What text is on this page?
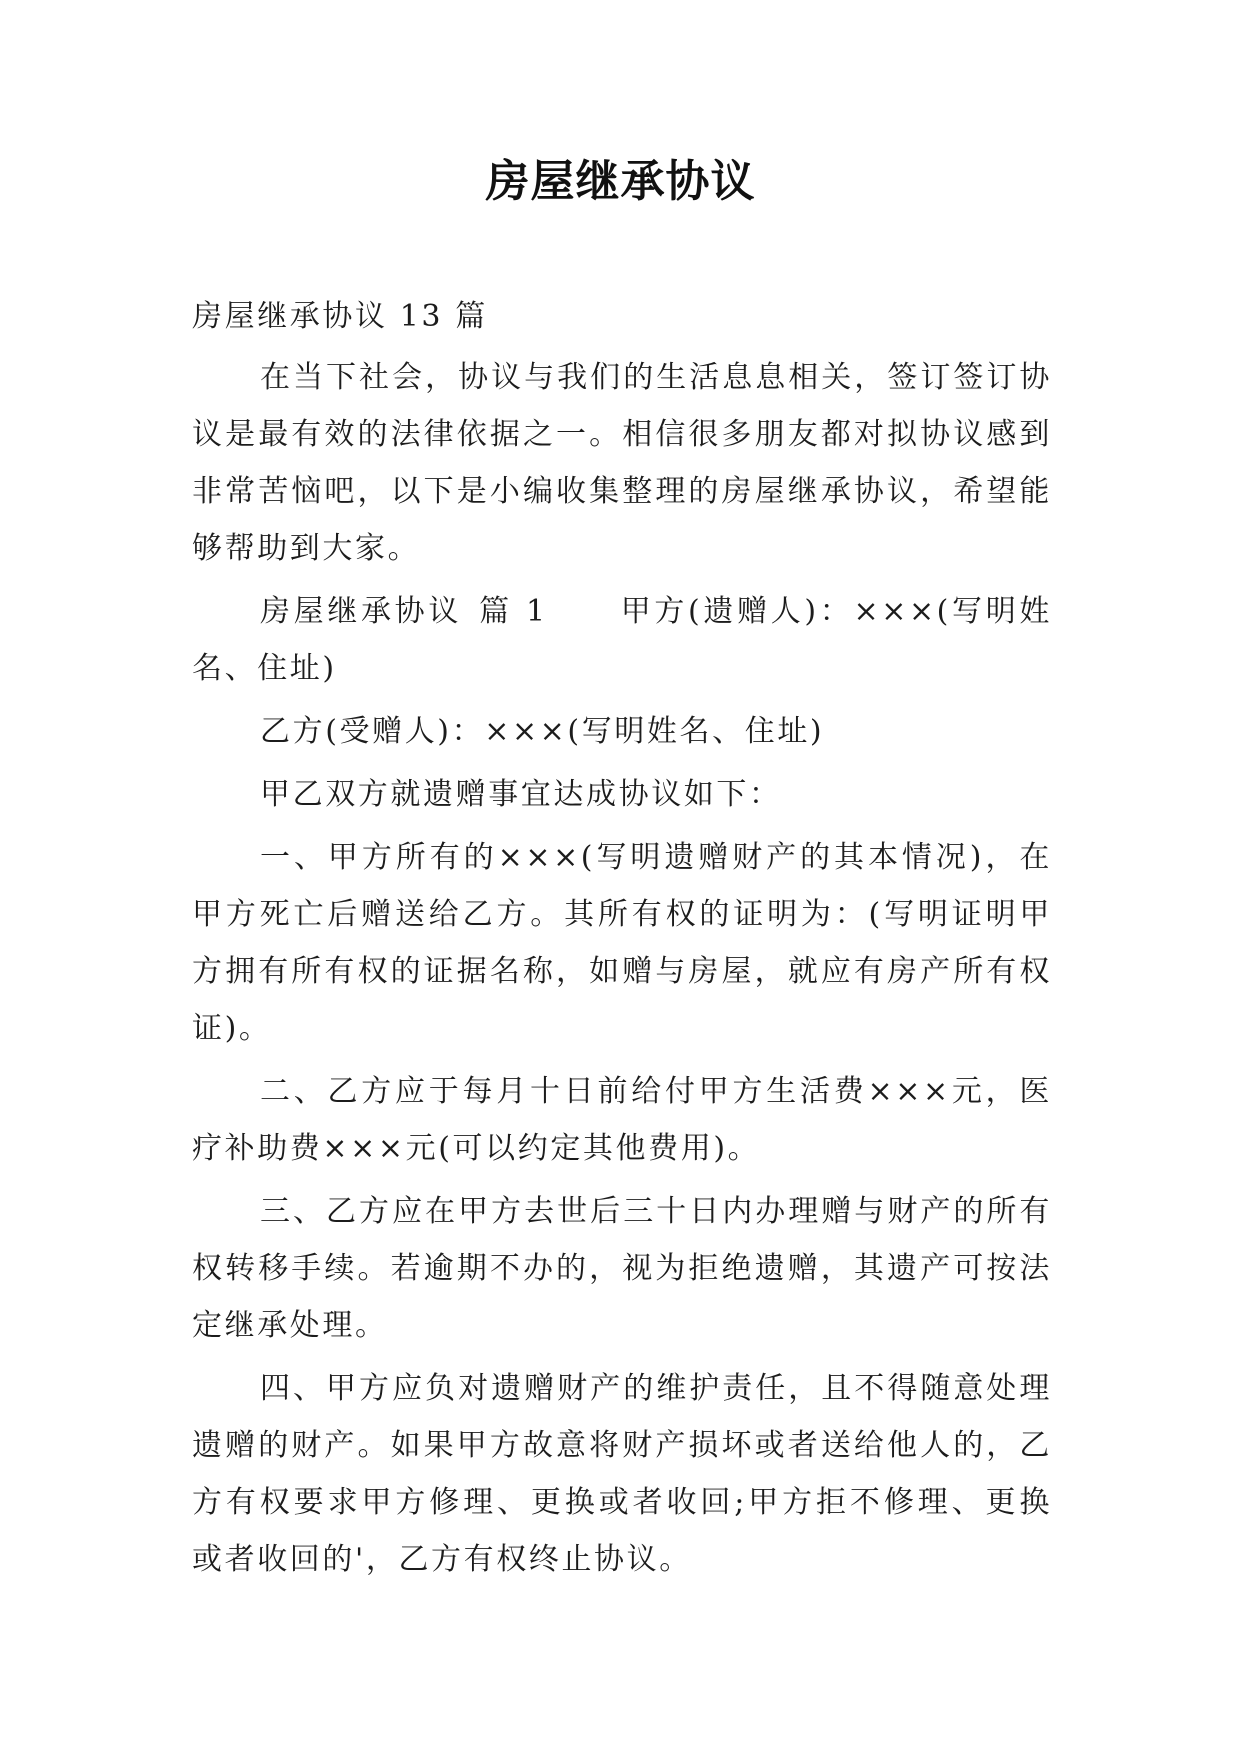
房屋继承协议

房屋继承协议 13 篇

在当下社会，协议与我们的生活息息相关，签订签订协议是最有效的法律依据之一。相信很多朋友都对拟协议感到非常苦恼吧，以下是小编收集整理的房屋继承协议，希望能够帮助到大家。

房屋继承协议 篇 1 甲方(遗赠人)：×××(写明姓名、住址)

乙方(受赠人)：×××(写明姓名、住址)

甲乙双方就遗赠事宜达成协议如下：

一、甲方所有的×××(写明遗赠财产的其本情况)，在甲方死亡后赠送给乙方。其所有权的证明为：(写明证明甲方拥有所有权的证据名称，如赠与房屋，就应有房产所有权证)。

二、乙方应于每月十日前给付甲方生活费×××元，医疗补助费×××元(可以约定其他费用)。

三、乙方应在甲方去世后三十日内办理赠与财产的所有权转移手续。若逾期不办的，视为拒绝遗赠，其遗产可按法定继承处理。

四、甲方应负对遗赠财产的维护责任，且不得随意处理遗赠的财产。如果甲方故意将财产损坏或者送给他人的，乙方有权要求甲方修理、更换或者收回;甲方拒不修理、更换或者收回的'，乙方有权终止协议。
